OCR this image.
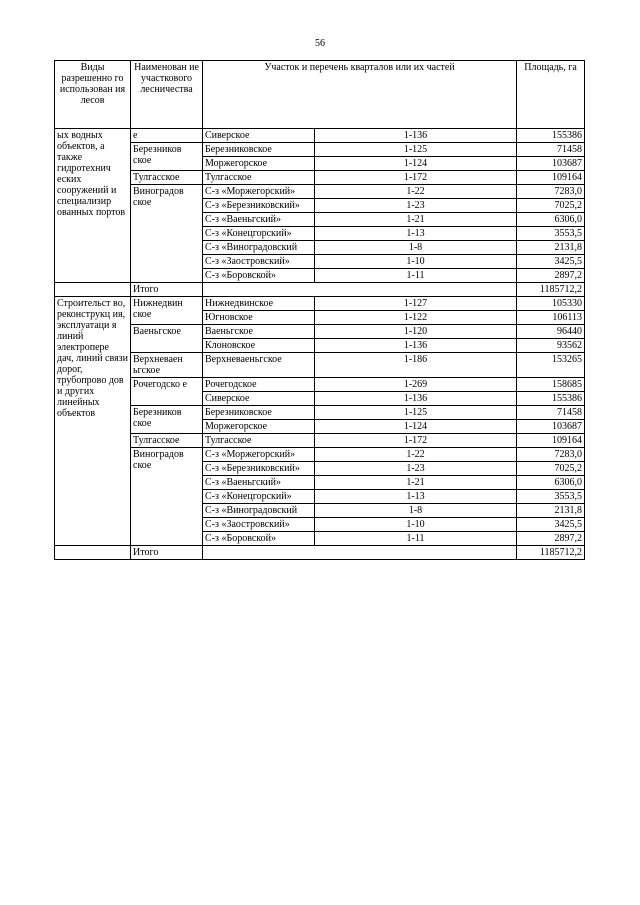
56
Виды разрешенно го использован ия лесов	Наименован ие участкового лесничества	Участок и перечень кварталов или их частей		Площадь, га
ых водных объектов, а также гидротехнич еских сооружений и специализир ованных портов	е	Сиверское	1-136	155386
	Березников ское	Березниковское	1-125	71458
		Моржегорское	1-124	103687
	Тулгасское	Тулгасское	1-172	109164
	Виноградов ское	С-з «Моржегорский»	1-22	7283,0
		С-з «Березниковский»	1-23	7025,2
		С-з «Ваеньгский»	1-21	6306,0
		С-з «Конецгорский»	1-13	3553,5
		С-з «Виноградовский	1-8	2131,8
		С-з «Заостровский»	1-10	3425,5
		С-з «Боровской»	1-11	2897,2
	Итого			1185712,2
Строительст во, реконструкц ия, эксплуатаци я линий электропере дач, линий связи дорог, трубопрово дов и других линейных объектов	Нижнедвин ское	Нижнедвинское	1-127	105330
		Югновское	1-122	106113
	Ваеньгское	Ваеньгское	1-120	96440
		Клоновское	1-136	93562
	Верхневаен ьгское	Верхневаеньгское	1-186	153265
	Рочегодско е	Рочегодское	1-269	158685
		Сиверское	1-136	155386
	Березников ское	Березниковское	1-125	71458
		Моржегорское	1-124	103687
	Тулгасское	Тулгасское	1-172	109164
	Виноградов ское	С-з «Моржегорский»	1-22	7283,0
		С-з «Березниковский»	1-23	7025,2
		С-з «Ваеньгский»	1-21	6306,0
		С-з «Конецгорский»	1-13	3553,5
		С-з «Виноградовский	1-8	2131,8
		С-з «Заостровский»	1-10	3425,5
		С-з «Боровской»	1-11	2897,2
	Итого			1185712,2
